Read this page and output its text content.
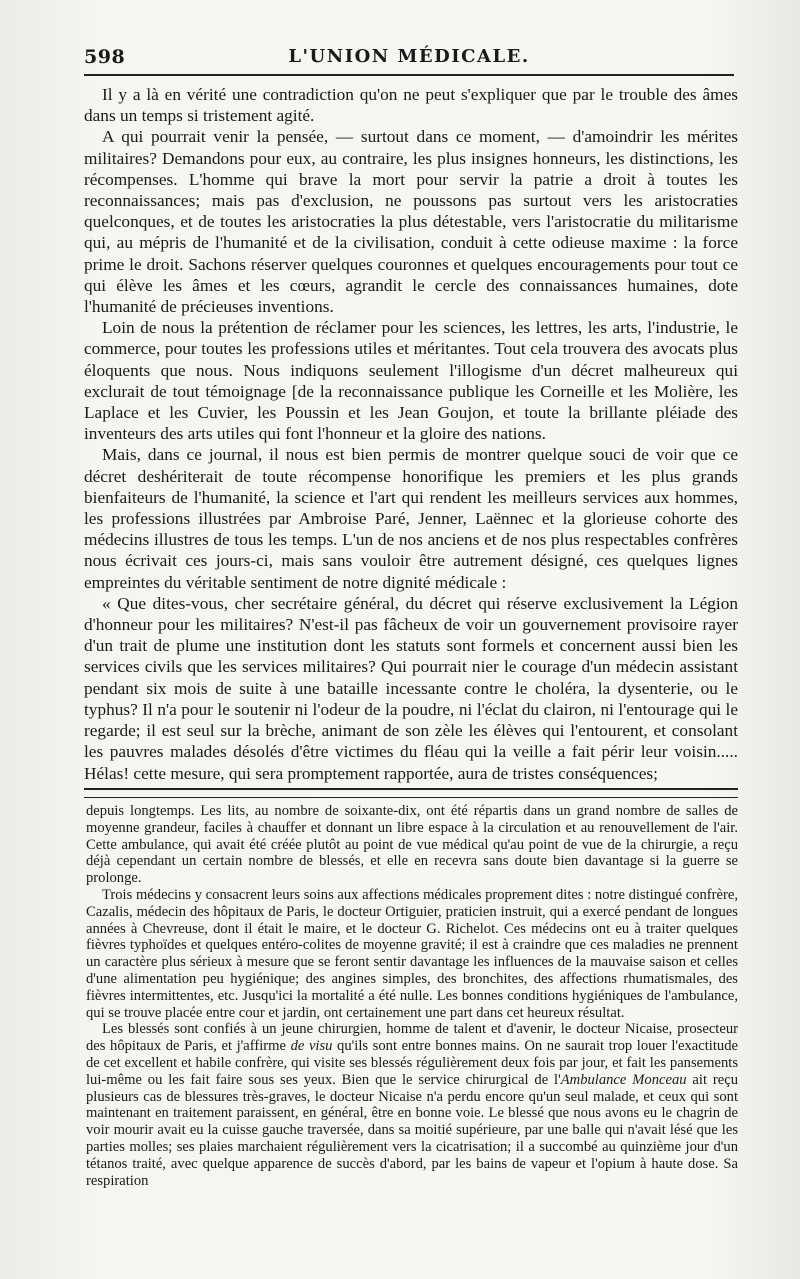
598	L'UNION MÉDICALE.

Il y a là en vérité une contradiction qu'on ne peut s'expliquer que par le trouble des âmes dans un temps si tristement agité.

A qui pourrait venir la pensée, — surtout dans ce moment, — d'amoindrir les mérites militaires? Demandons pour eux, au contraire, les plus insignes honneurs, les distinctions, les récompenses. L'homme qui brave la mort pour servir la patrie a droit à toutes les reconnaissances; mais pas d'exclusion, ne poussons pas surtout vers les aristocraties quelconques, et de toutes les aristocraties la plus détestable, vers l'aristocratie du militarisme qui, au mépris de l'humanité et de la civilisation, conduit à cette odieuse maxime : la force prime le droit. Sachons réserver quelques couronnes et quelques encouragements pour tout ce qui élève les âmes et les cœurs, agrandit le cercle des connaissances humaines, dote l'humanité de précieuses inventions.

Loin de nous la prétention de réclamer pour les sciences, les lettres, les arts, l'industrie, le commerce, pour toutes les professions utiles et méritantes. Tout cela trouvera des avocats plus éloquents que nous. Nous indiquons seulement l'illogisme d'un décret malheureux qui exclurait de tout témoignage [de la reconnaissance publique les Corneille et les Molière, les Laplace et les Cuvier, les Poussin et les Jean Goujon, et toute la brillante pléiade des inventeurs des arts utiles qui font l'honneur et la gloire des nations.

Mais, dans ce journal, il nous est bien permis de montrer quelque souci de voir que ce décret deshériterait de toute récompense honorifique les premiers et les plus grands bienfaiteurs de l'humanité, la science et l'art qui rendent les meilleurs services aux hommes, les professions illustrées par Ambroise Paré, Jenner, Laënnec et la glorieuse cohorte des médecins illustres de tous les temps. L'un de nos anciens et de nos plus respectables confrères nous écrivait ces jours-ci, mais sans vouloir être autrement désigné, ces quelques lignes empreintes du véritable sentiment de notre dignité médicale :

« Que dites-vous, cher secrétaire général, du décret qui réserve exclusivement la Légion d'honneur pour les militaires? N'est-il pas fâcheux de voir un gouvernement provisoire rayer d'un trait de plume une institution dont les statuts sont formels et concernent aussi bien les services civils que les services militaires? Qui pourrait nier le courage d'un médecin assistant pendant six mois de suite à une bataille incessante contre le choléra, la dysenterie, ou le typhus? Il n'a pour le soutenir ni l'odeur de la poudre, ni l'éclat du clairon, ni l'entourage qui le regarde; il est seul sur la brèche, animant de son zèle les élèves qui l'entourent, et consolant les pauvres malades désolés d'être victimes du fléau qui la veille a fait périr leur voisin..... Hélas! cette mesure, qui sera promptement rapportée, aura de tristes conséquences;

depuis longtemps. Les lits, au nombre de soixante-dix, ont été répartis dans un grand nombre de salles de moyenne grandeur, faciles à chauffer et donnant un libre espace à la circulation et au renouvellement de l'air. Cette ambulance, qui avait été créée plutôt au point de vue médical qu'au point de vue de la chirurgie, a reçu déjà cependant un certain nombre de blessés, et elle en recevra sans doute bien davantage si la guerre se prolonge.

Trois médecins y consacrent leurs soins aux affections médicales proprement dites : notre distingué confrère, Cazalis, médecin des hôpitaux de Paris, le docteur Ortiguier, praticien instruit, qui a exercé pendant de longues années à Chevreuse, dont il était le maire, et le docteur G. Richelot. Ces médecins ont eu à traiter quelques fièvres typhoïdes et quelques entéro-colites de moyenne gravité; il est à craindre que ces maladies ne prennent un caractère plus sérieux à mesure que se feront sentir davantage les influences de la mauvaise saison et celles d'une alimentation peu hygiénique; des angines simples, des bronchites, des affections rhumatismales, des fièvres intermittentes, etc. Jusqu'ici la mortalité a été nulle. Les bonnes conditions hygiéniques de l'ambulance, qui se trouve placée entre cour et jardin, ont certainement une part dans cet heureux résultat.

Les blessés sont confiés à un jeune chirurgien, homme de talent et d'avenir, le docteur Nicaise, prosecteur des hôpitaux de Paris, et j'affirme de visu qu'ils sont entre bonnes mains. On ne saurait trop louer l'exactitude de cet excellent et habile confrère, qui visite ses blessés régulièrement deux fois par jour, et fait les pansements lui-même ou les fait faire sous ses yeux. Bien que le service chirurgical de l'Ambulance Monceau ait reçu plusieurs cas de blessures très-graves, le docteur Nicaise n'a perdu encore qu'un seul malade, et ceux qui sont maintenant en traitement paraissent, en général, être en bonne voie. Le blessé que nous avons eu le chagrin de voir mourir avait eu la cuisse gauche traversée, dans sa moitié supérieure, par une balle qui n'avait lésé que les parties molles; ses plaies marchaient régulièrement vers la cicatrisation; il a succombé au quinzième jour d'un tétanos traité, avec quelque apparence de succès d'abord, par les bains de vapeur et l'opium à haute dose. Sa respiration
